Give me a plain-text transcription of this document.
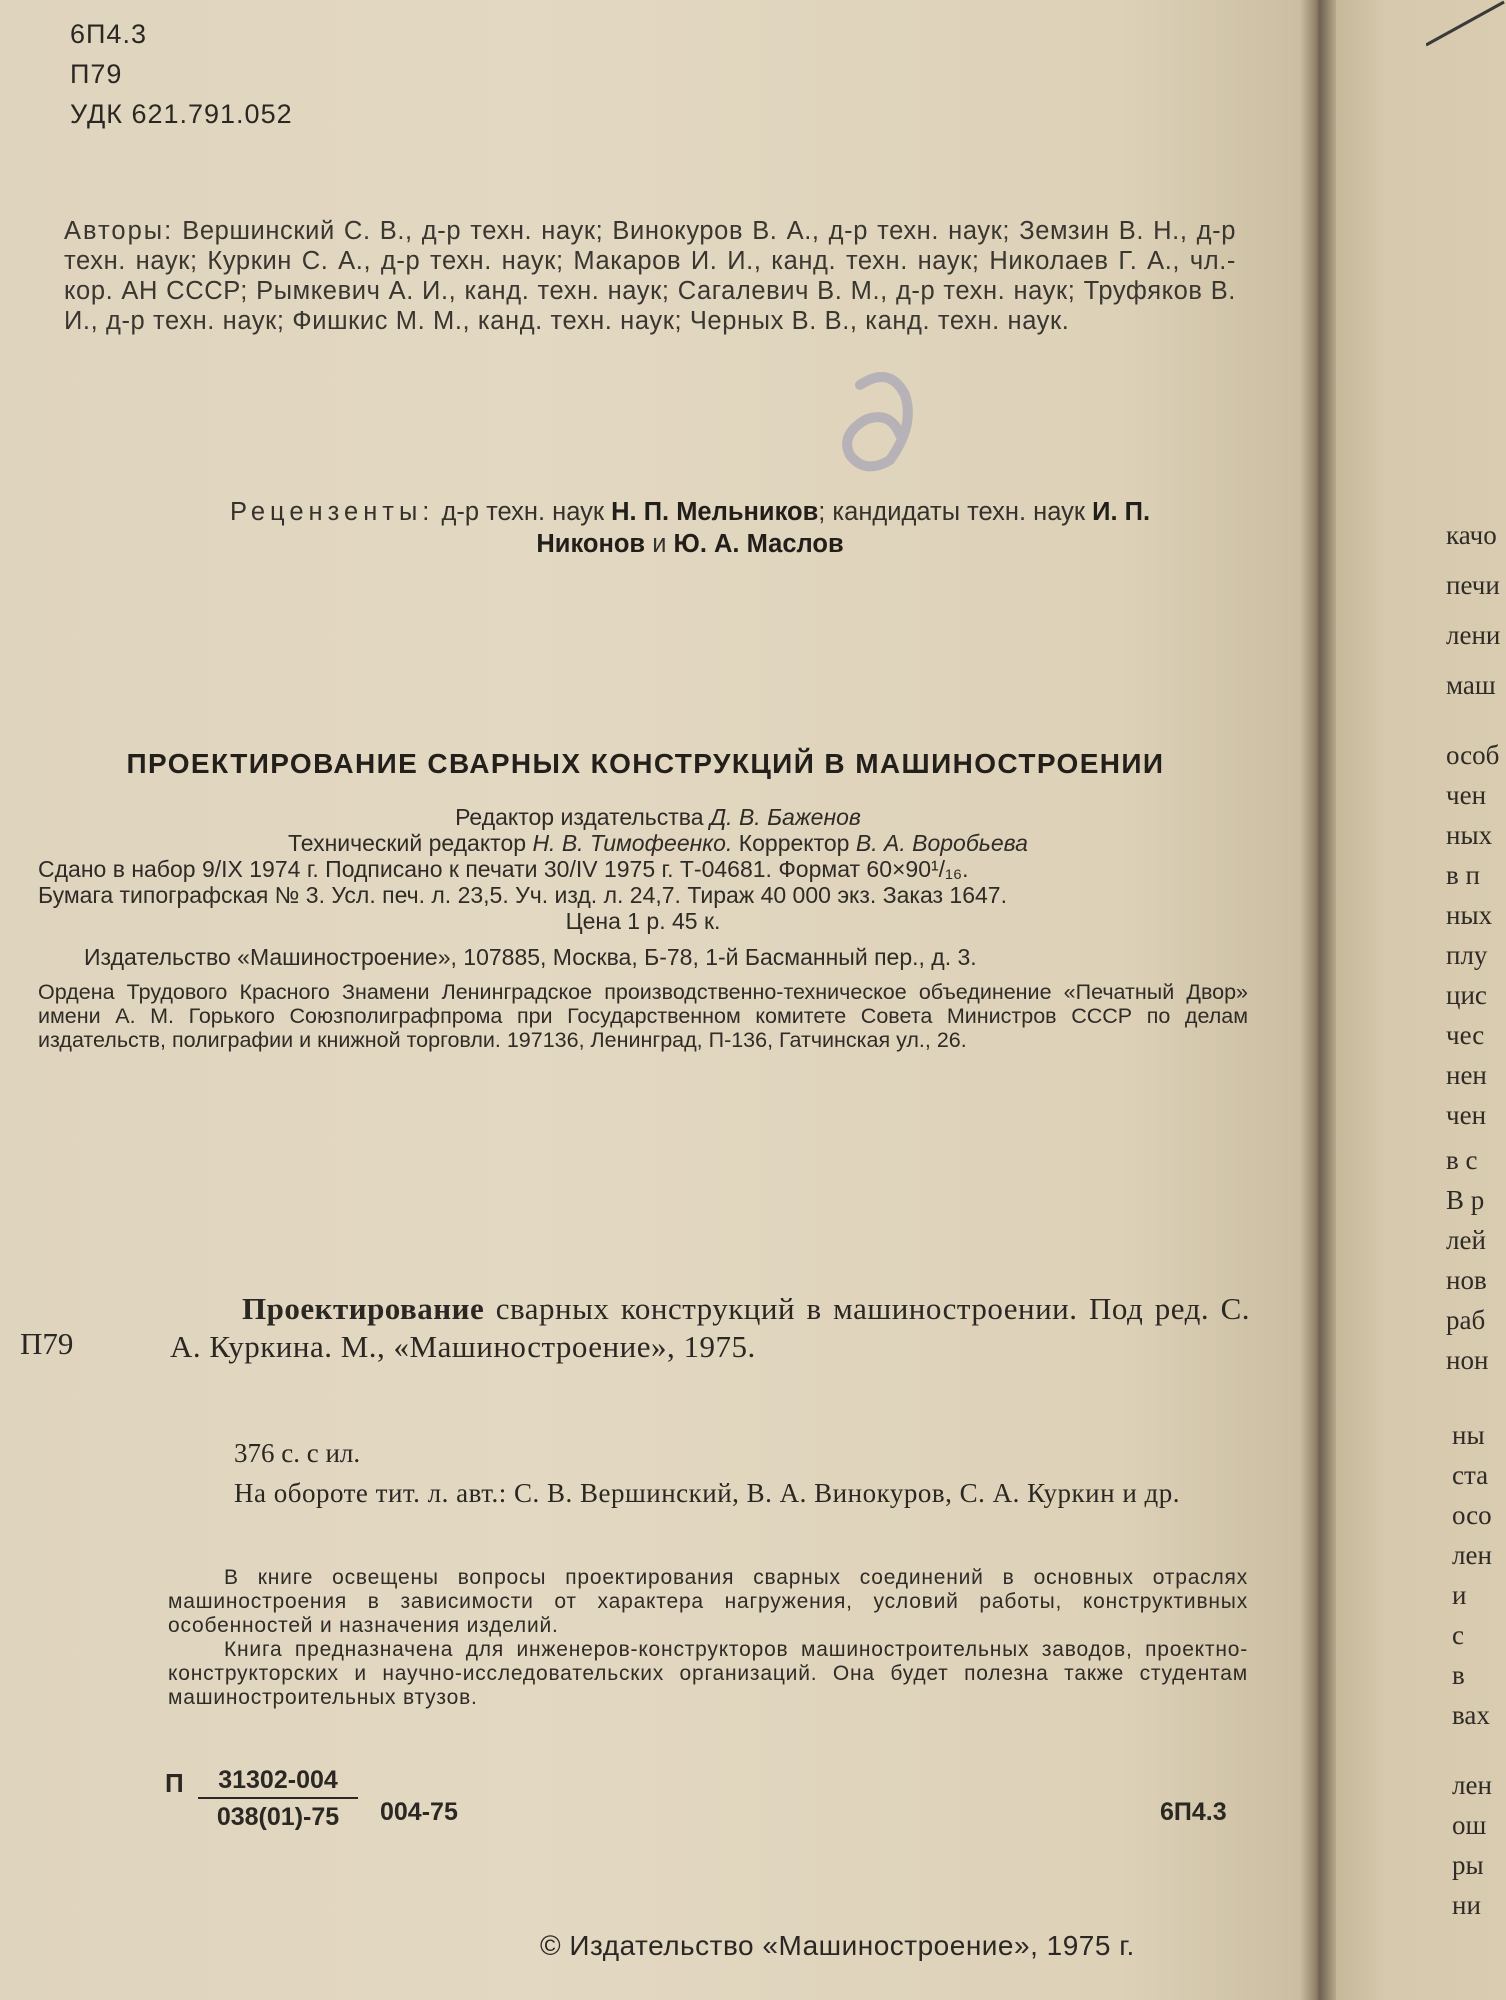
6П4.3
П79
УДК 621.791.052
Авторы: Вершинский С. В., д-р техн. наук; Винокуров В. А., д-р техн. наук; Земзин В. Н., д-р техн. наук; Куркин С. А., д-р техн. наук; Макаров И. И., канд. техн. наук; Николаев Г. А., чл.-кор. АН СССР; Рымкевич А. И., канд. техн. наук; Сагалевич В. М., д-р техн. наук; Труфяков В. И., д-р техн. наук; Фишкис М. М., канд. техн. наук; Черных В. В., канд. техн. наук.
Рецензенты: д-р техн. наук Н. П. Мельников; кандидаты техн. наук И. П. Никонов и Ю. А. Маслов
ПРОЕКТИРОВАНИЕ СВАРНЫХ КОНСТРУКЦИЙ В МАШИНОСТРОЕНИИ
Редактор издательства Д. В. Баженов
Технический редактор Н. В. Тимофеенко. Корректор В. А. Воробьева
Сдано в набор 9/IX 1974 г. Подписано к печати 30/IV 1975 г. Т-04681. Формат 60×90¹/₁₆.
Бумага типографская № 3. Усл. печ. л. 23,5. Уч. изд. л. 24,7. Тираж 40 000 экз. Заказ 1647.
Цена 1 р. 45 к.
Издательство «Машиностроение», 107885, Москва, Б-78, 1-й Басманный пер., д. 3.
Ордена Трудового Красного Знамени Ленинградское производственно-техническое объединение «Печатный Двор» имени А. М. Горького Союзполиграфпрома при Государственном комитете Совета Министров СССР по делам издательств, полиграфии и книжной торговли. 197136, Ленинград, П-136, Гатчинская ул., 26.
П79
Проектирование сварных конструкций в машиностроении. Под ред. С. А. Куркина. М., «Машиностроение», 1975.
376 с. с ил.
На обороте тит. л. авт.: С. В. Вершинский, В. А. Винокуров, С. А. Куркин и др.

В книге освещены вопросы проектирования сварных соединений в основных отраслях машиностроения в зависимости от характера нагружения, условий работы, конструктивных особенностей и назначения изделий.

Книга предназначена для инженеров-конструкторов машиностроительных заводов, проектно-конструкторских и научно-исследовательских организаций. Она будет полезна также студентам машиностроительных втузов.

П $\frac{31302-004}{038(01)-75} 004-75$	6П4.3
© Издательство «Машиностроение», 1975 г.
качо
печи
лени
маш
особ
чен
ных
в п
ных
плу
цис
чес
нен
чен
в с
В р
лей
нов
раб
нон
ны
ста
осо
лен
и
с
в
вах
лен
ош
ры
ни
